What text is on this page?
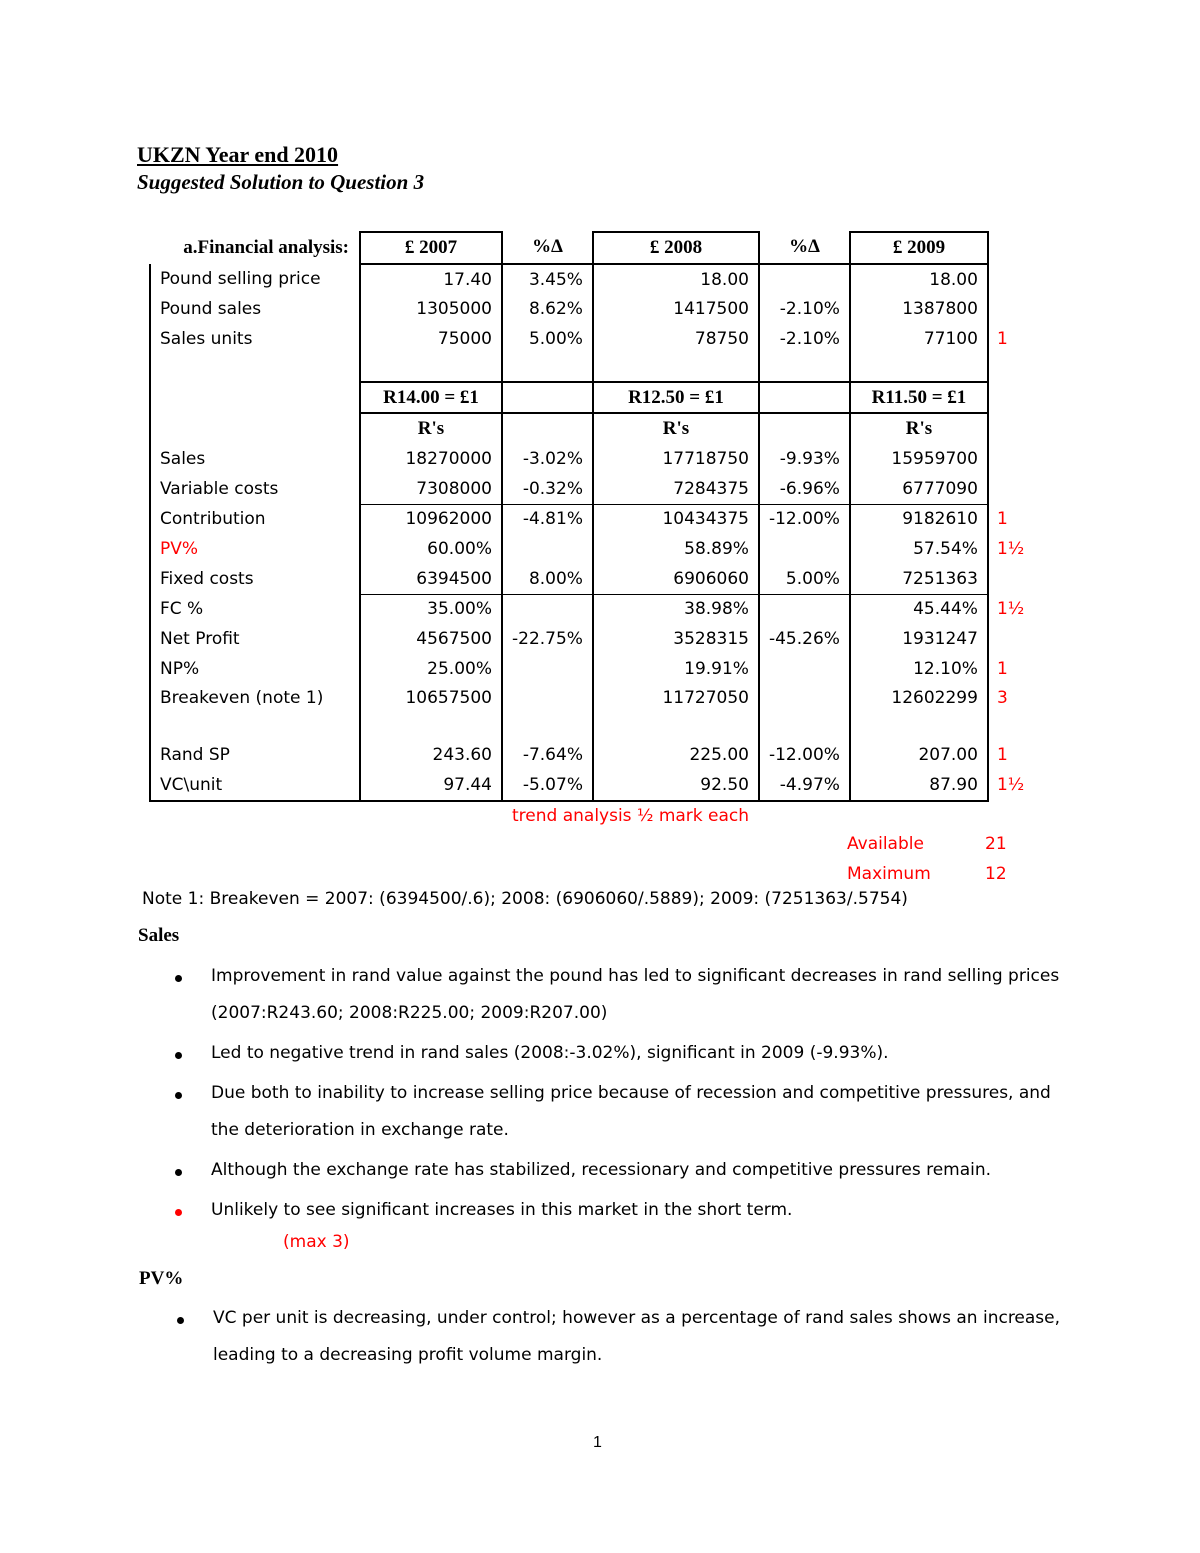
UKZN Year end 2010
Suggested Solution to Question 3
a.Financial analysis:	£ 2007	%∆	£ 2008	%∆	£ 2009	
Pound selling price	17.40	3.45%	18.00		18.00	
Pound sales	1305000	8.62%	1417500	-2.10%	1387800	
Sales units	75000	5.00%	78750	-2.10%	77100	1

	R14.00 = £1		R12.50 = £1		R11.50 = £1	
	R's		R's		R's	
Sales	18270000	-3.02%	17718750	-9.93%	15959700	
Variable costs	7308000	-0.32%	7284375	-6.96%	6777090	
Contribution	10962000	-4.81%	10434375	-12.00%	9182610	1
PV%	60.00%		58.89%		57.54%	1½
Fixed costs	6394500	8.00%	6906060	5.00%	7251363	
FC %	35.00%		38.98%		45.44%	1½
Net Profit	4567500	-22.75%	3528315	-45.26%	1931247	
NP%	25.00%		19.91%		12.10%	1
Breakeven (note 1)	10657500		11727050		12602299	3

Rand SP	243.60	-7.64%	225.00	-12.00%	207.00	1
VC\unit	97.44	-5.07%	92.50	-4.97%	87.90	1½
trend analysis ½ mark each
Available	21
Maximum	12
Note 1: Breakeven = 2007: (6394500/.6); 2008: (6906060/.5889); 2009: (7251363/.5754)
Sales
Improvement in rand value against the pound has led to significant decreases in rand selling prices (2007:R243.60; 2008:R225.00; 2009:R207.00)
Led to negative trend in rand sales (2008:-3.02%), significant in 2009 (-9.93%).
Due both to inability to increase selling price because of recession and competitive pressures, and the deterioration in exchange rate.
Although the exchange rate has stabilized, recessionary and competitive pressures remain.
Unlikely to see significant increases in this market in the short term.
(max 3)
PV%
VC per unit is decreasing, under control; however as a percentage of rand sales shows an increase, leading to a decreasing profit volume margin.
1
